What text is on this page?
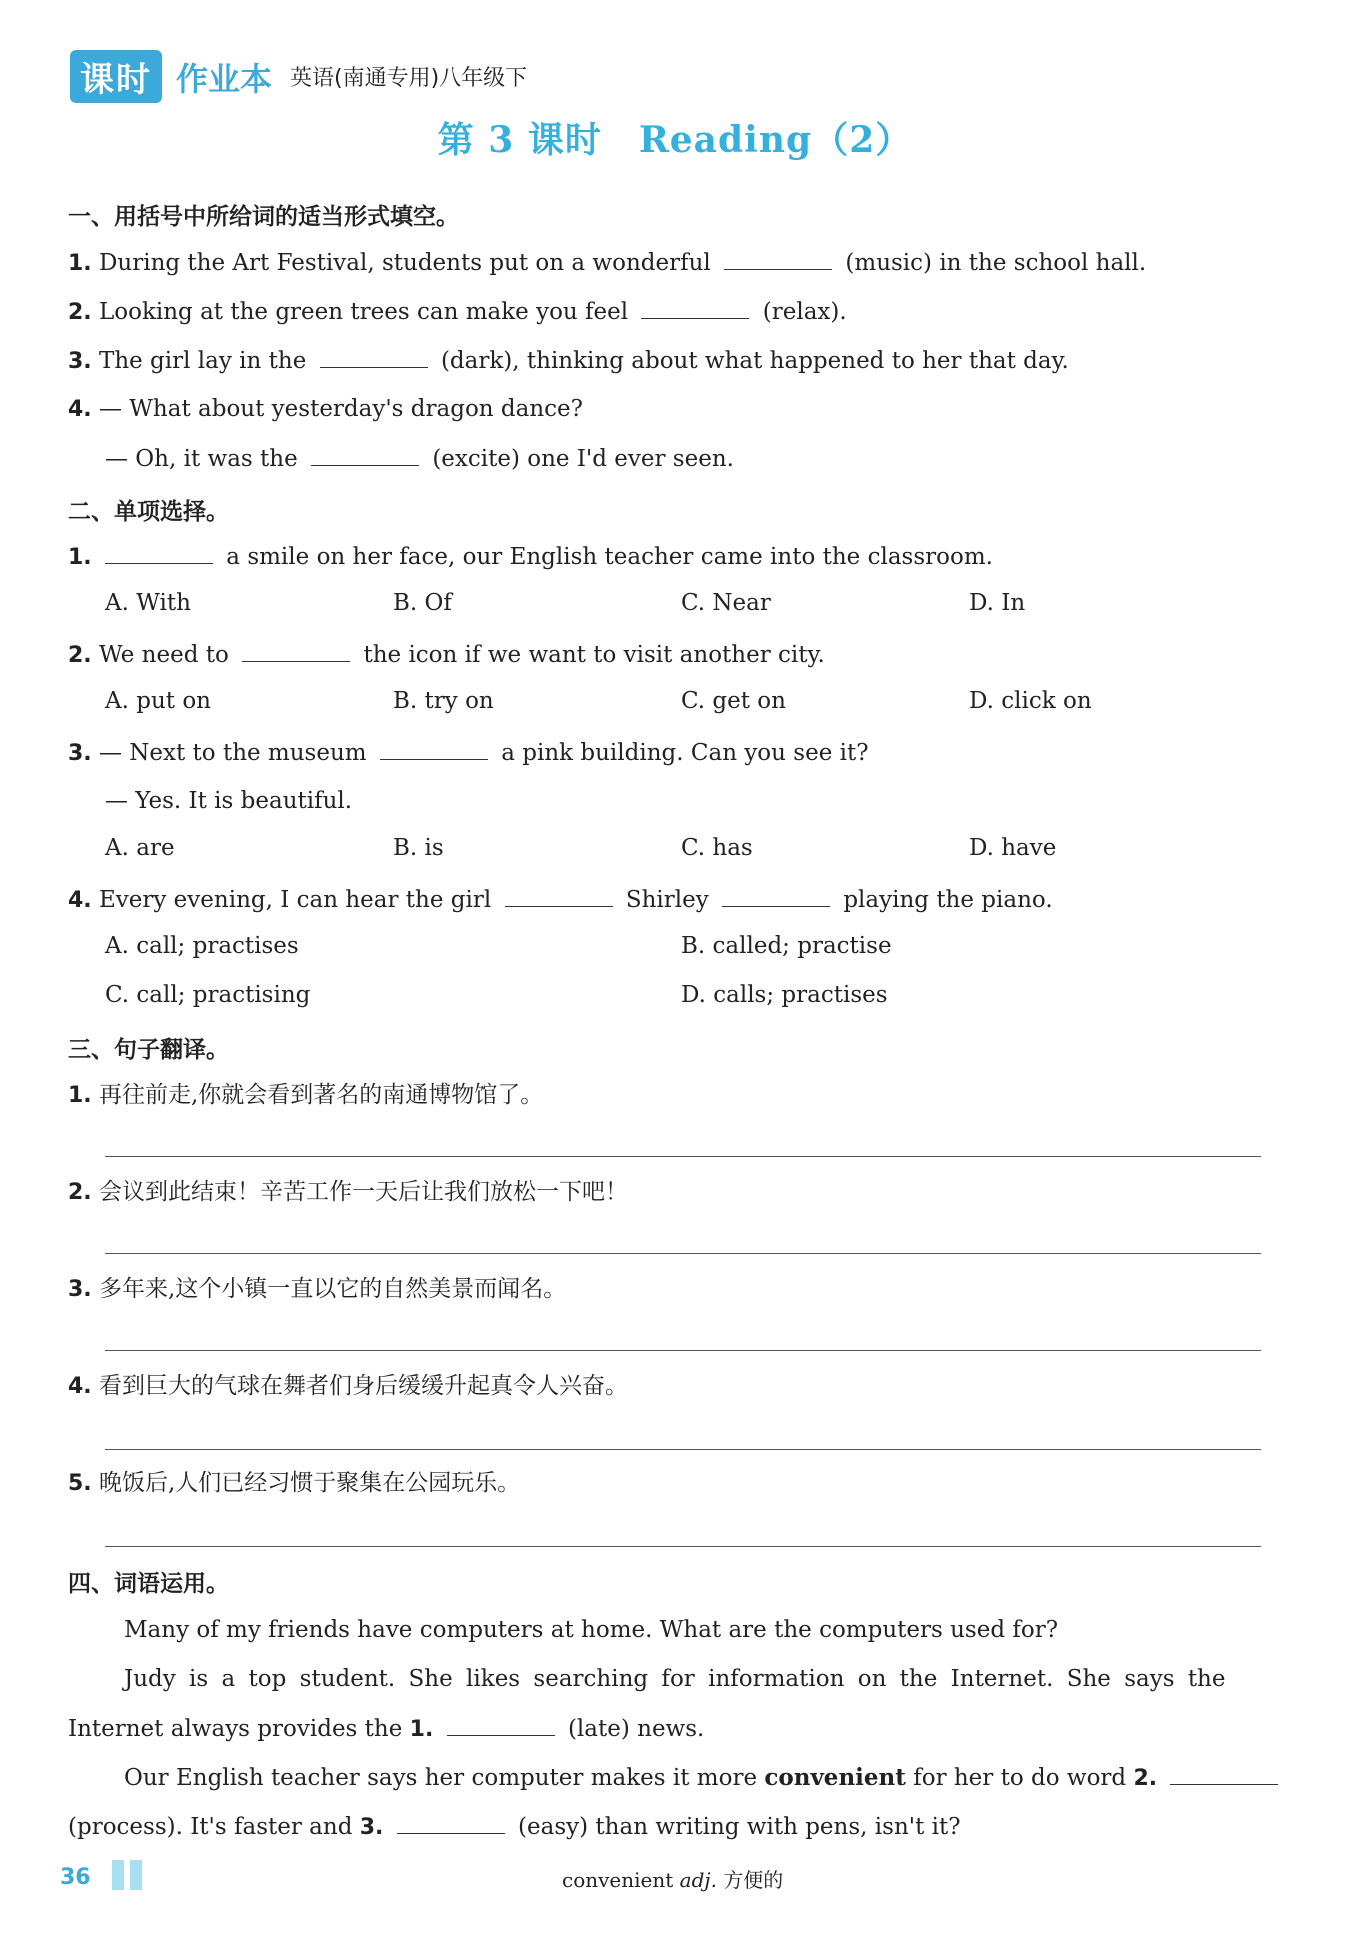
课时 作业本 英语(南通专用)八年级下
第 3 课时　Reading（2）
一、用括号中所给词的适当形式填空。
1. During the Art Festival, students put on a wonderful	(music) in the school hall.
2. Looking at the green trees can make you feel	(relax).
3. The girl lay in the	(dark), thinking about what happened to her that day.
4. — What about yesterday's dragon dance?
— Oh, it was the	(excite) one I'd ever seen.
二、单项选择。
1.	a smile on her face, our English teacher came into the classroom.
A. With	B. Of	C. Near	D. In
2. We need to	the icon if we want to visit another city.
A. put on	B. try on	C. get on	D. click on
3. — Next to the museum	a pink building. Can you see it?
— Yes. It is beautiful.
A. are	B. is	C. has	D. have
4. Every evening, I can hear the girl	Shirley	playing the piano.
A. call; practises	B. called; practise
C. call; practising	D. calls; practises
三、句子翻译。
1. 再往前走,你就会看到著名的南通博物馆了。
2. 会议到此结束！辛苦工作一天后让我们放松一下吧！
3. 多年来,这个小镇一直以它的自然美景而闻名。
4. 看到巨大的气球在舞者们身后缓缓升起真令人兴奋。
5. 晚饭后,人们已经习惯于聚集在公园玩乐。
四、词语运用。
Many of my friends have computers at home. What are the computers used for?
Judy is a top student. She likes searching for information on the Internet. She says the
Internet always provides the 1.	(late) news.
Our English teacher says her computer makes it more convenient for her to do word 2.
(process). It's faster and 3.	(easy) than writing with pens, isn't it?
36	convenient adj. 方便的
